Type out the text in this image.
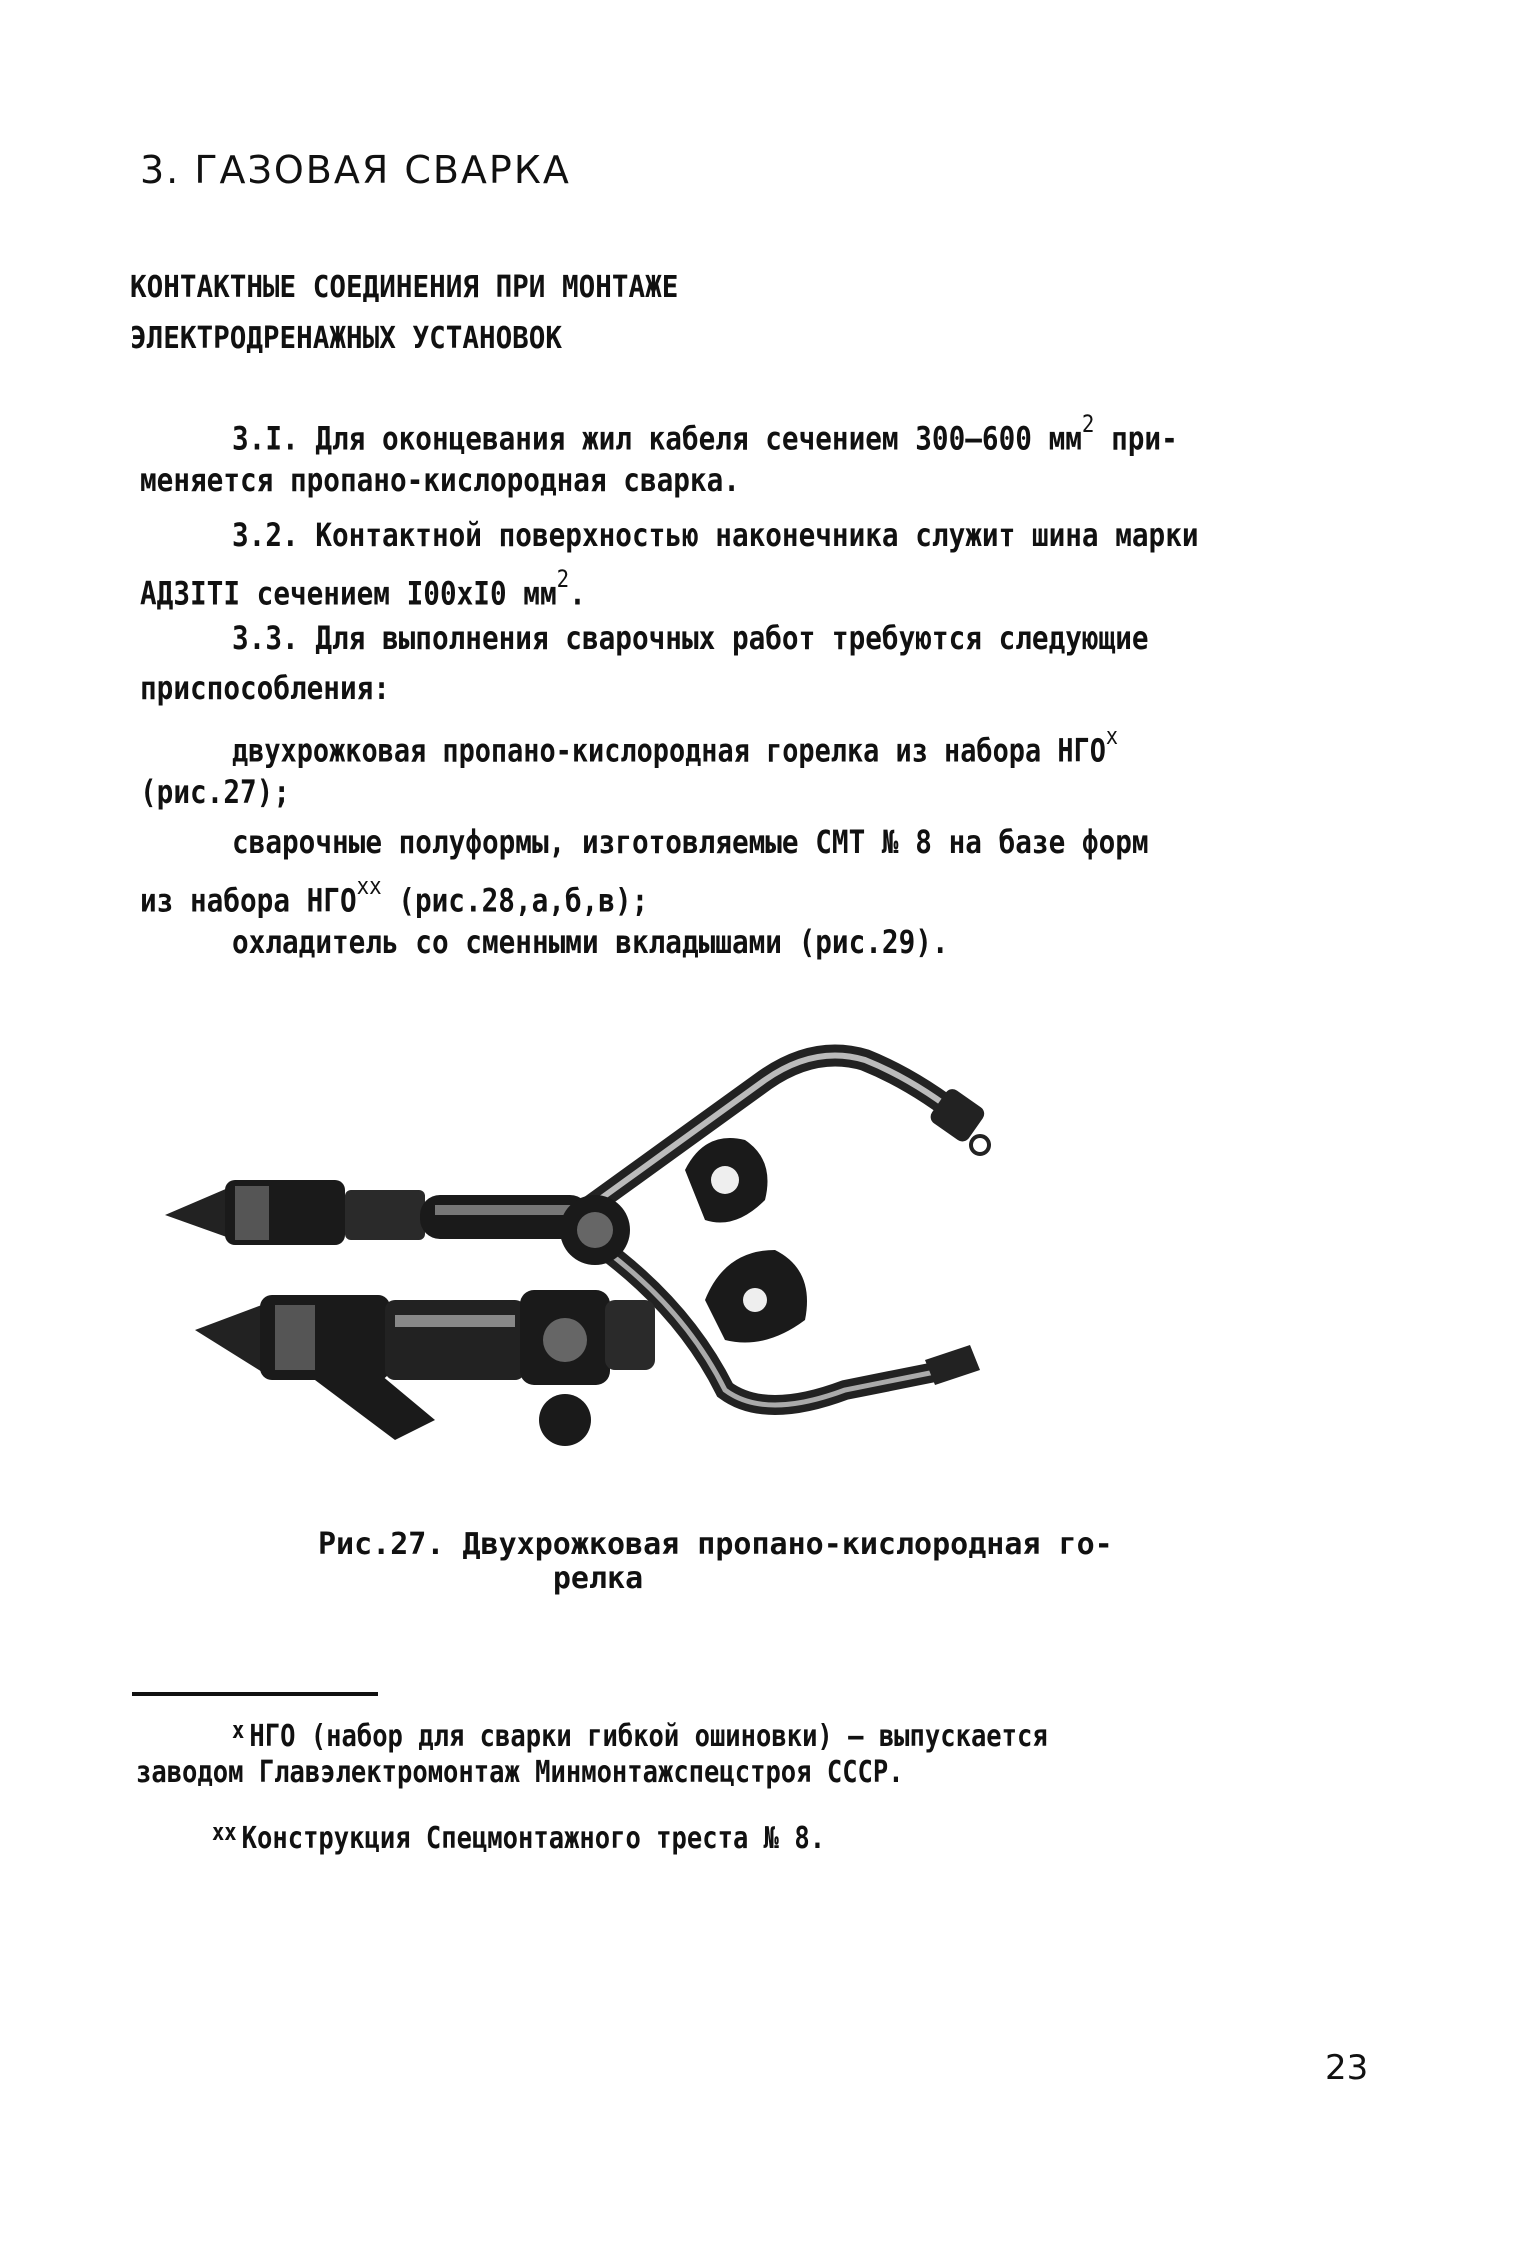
3. ГАЗОВАЯ СВАРКА
КОНТАКТНЫЕ СОЕДИНЕНИЯ ПРИ МОНТАЖЕ
ЭЛЕКТРОДРЕНАЖНЫХ УСТАНОВОК
3.I. Для оконцевания жил кабеля сечением 300–600 $мм^2$ при-
меняется пропано-кислородная сварка.
3.2. Контактной поверхностью наконечника служит шина марки
АДЗIТI сечением I00хI0 $мм^2$.
3.3. Для выполнения сварочных работ требуются следующие
приспособления:
двухрожковая пропано-кислородная горелка из набора $НГО^х$
(рис.27);
сварочные полуформы, изготовляемые СМТ № 8 на базе форм
из набора $НГО^{хх}$ (рис.28,а,б,в);
охладитель со сменными вкладышами (рис.29).
Рис.27. Двухрожковая пропано-кислородная го-
релка
$^х$ НГО (набор для сварки гибкой ошиновки) – выпускается
заводом Главэлектромонтаж Минмонтажспецстроя СССР.
$^{хх}$ Конструкция Спецмонтажного треста № 8.
23
